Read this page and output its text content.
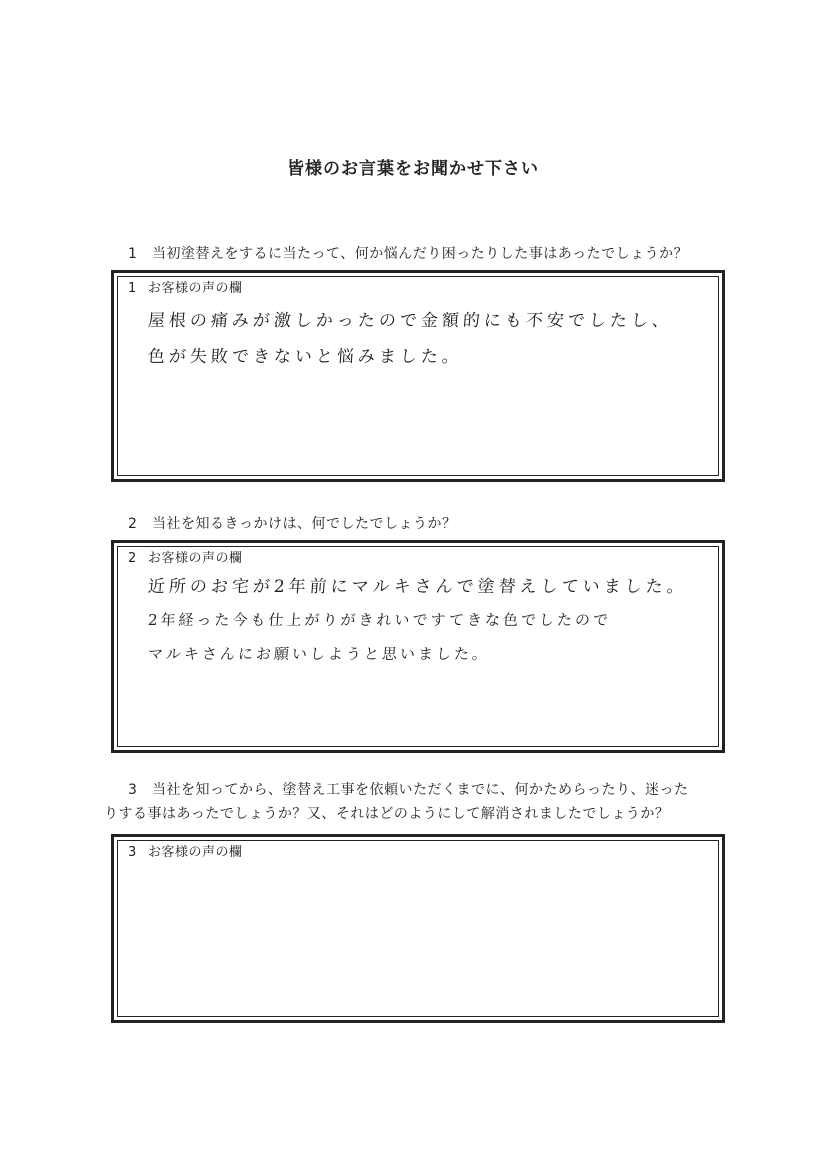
皆様のお言葉をお聞かせ下さい
1 当初塗替えをするに当たって、何か悩んだり困ったりした事はあったでしょうか？
1 お客様の声の欄
屋根の痛みが激しかったので金額的にも不安でしたし、
色が失敗できないと悩みました。
2 当社を知るきっかけは、何でしたでしょうか？
2 お客様の声の欄
近所のお宅が2年前にマルキさんで塗替えしていました。
2年経った今も仕上がりがきれいですてきな色でしたので
マルキさんにお願いしようと思いました。
3 当社を知ってから、塗替え工事を依頼いただくまでに、何かためらったり、迷った
りする事はあったでしょうか？又、それはどのようにして解消されましたでしょうか？
3 お客様の声の欄
